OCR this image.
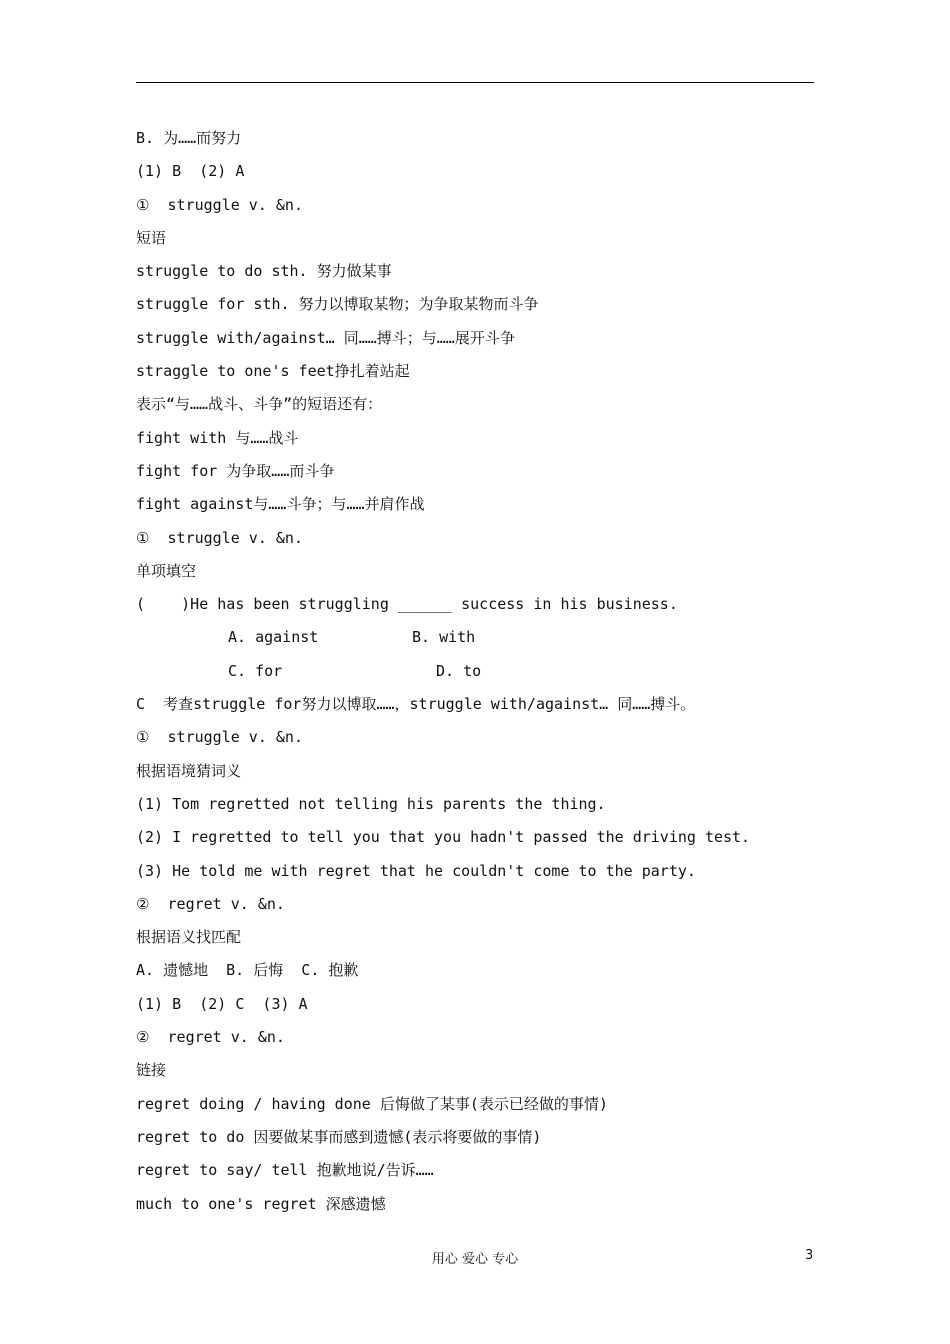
B. 为……而努力
(1) B  (2) A
①  struggle v. &n.
短语
struggle to do sth. 努力做某事
struggle for sth. 努力以博取某物；为争取某物而斗争
struggle with/against… 同……搏斗；与……展开斗争
straggle to one's feet挣扎着站起
表示“与……战斗、斗争”的短语还有：
fight with 与……战斗
fight for 为争取……而斗争
fight against与……斗争；与……并肩作战
①  struggle v. &n.
单项填空
(    )He has been struggling ______ success in his business.

A. against

	B. with

C. for

	D. to

C  考查struggle for努力以博取……，struggle with/against… 同……搏斗。
①  struggle v. &n.
根据语境猜词义
(1) Tom regretted not telling his parents the thing.
(2) I regretted to tell you that you hadn't passed the driving test.
(3) He told me with regret that he couldn't come to the party.
②  regret v. &n.
根据语义找匹配
A. 遗憾地  B. 后悔  C. 抱歉
(1) B  (2) C  (3) A
②  regret v. &n.
链接
regret doing / having done 后悔做了某事(表示已经做的事情)
regret to do 因要做某事而感到遗憾(表示将要做的事情)
regret to say/ tell 抱歉地说/告诉……
much to one's regret 深感遗憾
用心 爱心 专心	3
